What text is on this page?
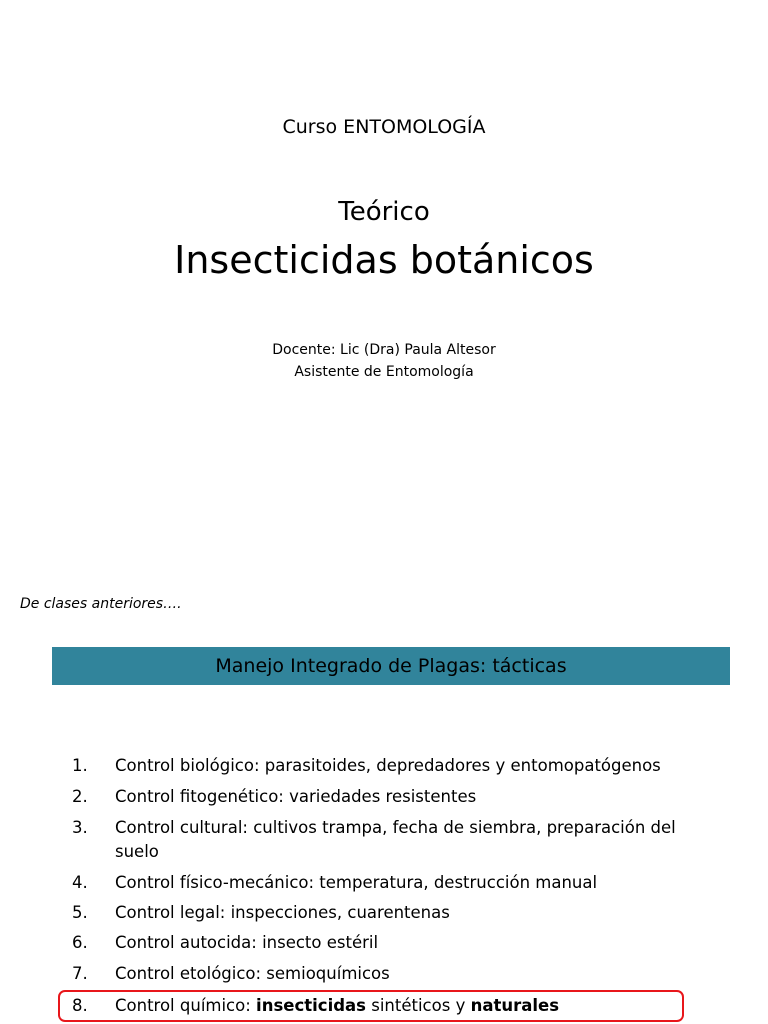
Curso ENTOMOLOGÍA
Teórico
Insecticidas botánicos
Docente: Lic (Dra) Paula Altesor
Asistente de Entomología
De clases anteriores….
Manejo Integrado de Plagas: tácticas
1. Control biológico: parasitoides, depredadores y entomopatógenos
2. Control fitogenético: variedades resistentes
3. Control cultural: cultivos trampa, fecha de siembra, preparación del suelo
4. Control físico-mecánico: temperatura, destrucción manual
5. Control legal: inspecciones, cuarentenas
6. Control autocida: insecto estéril
7. Control etológico: semioquímicos
8. Control químico: insecticidas sintéticos y naturales
